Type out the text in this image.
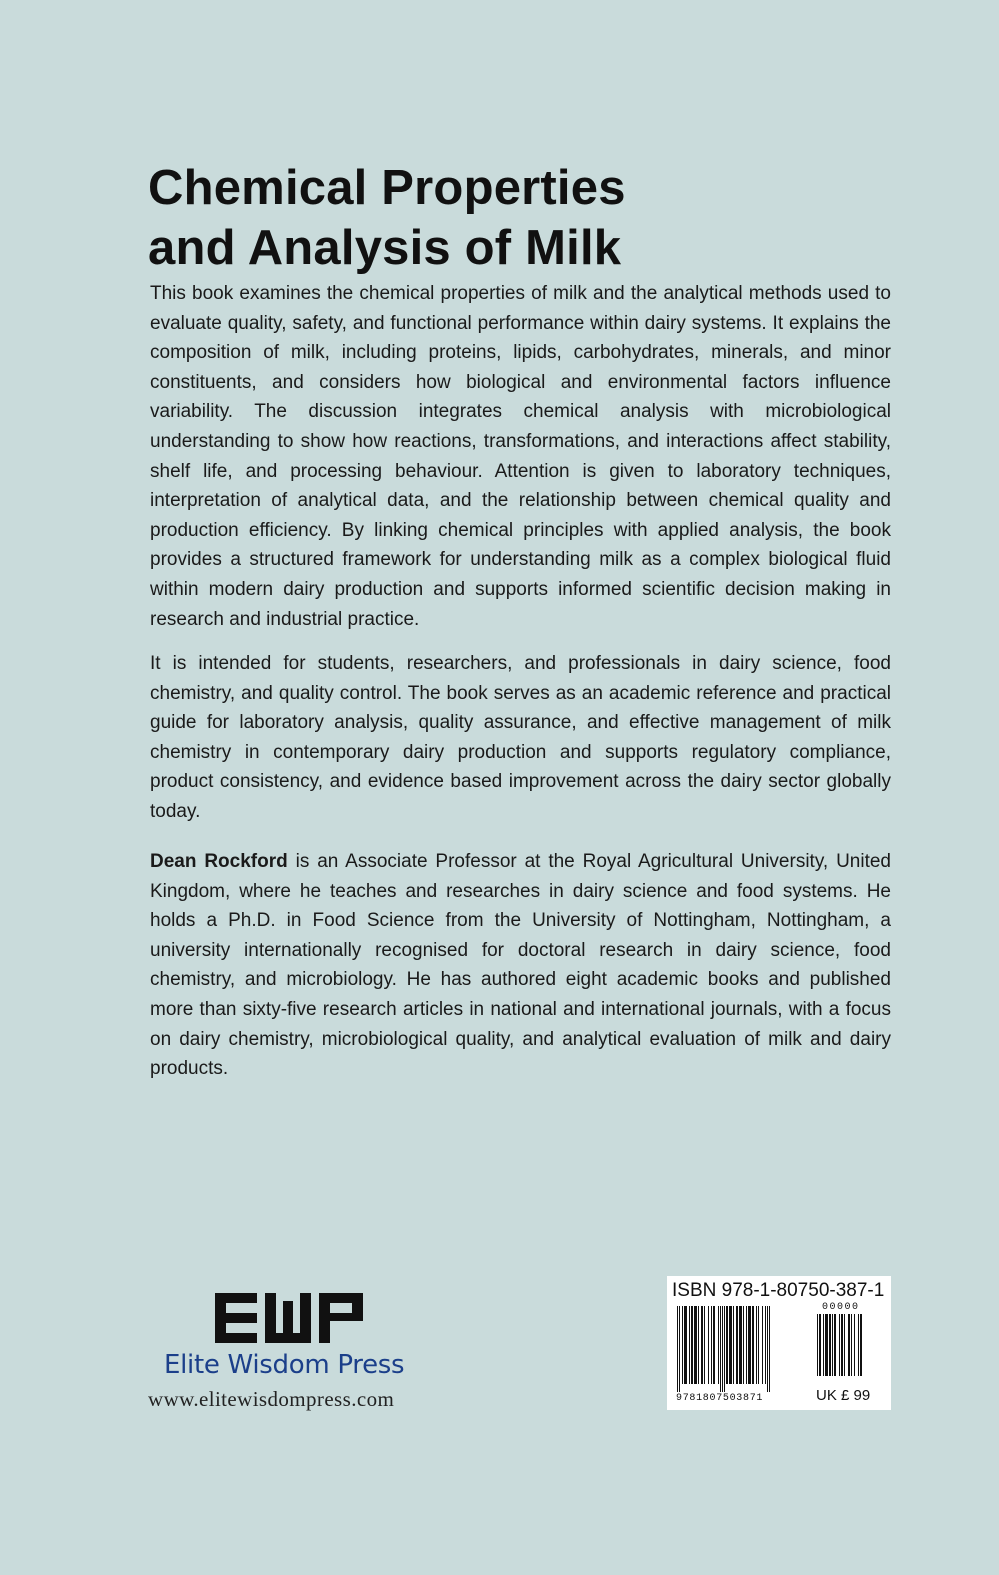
Chemical Properties
and Analysis of Milk

This book examines the chemical properties of milk and the analytical methods used to evaluate quality, safety, and functional performance within dairy systems. It explains the composition of milk, including proteins, lipids, carbohydrates, minerals, and minor constituents, and considers how biological and environmental factors influence variability. The discussion integrates chemical analysis with microbiological understanding to show how reactions, transformations, and interactions affect stability, shelf life, and processing behaviour. Attention is given to laboratory techniques, interpretation of analytical data, and the relationship between chemical quality and production efficiency. By linking chemical principles with applied analysis, the book provides a structured framework for understanding milk as a complex biological fluid within modern dairy production and supports informed scientific decision making in research and industrial practice.

It is intended for students, researchers, and professionals in dairy science, food chemistry, and quality control. The book serves as an academic reference and practical guide for laboratory analysis, quality assurance, and effective management of milk chemistry in contemporary dairy production and supports regulatory compliance, product consistency, and evidence based improvement across the dairy sector globally today.

Dean Rockford is an Associate Professor at the Royal Agricultural University, United Kingdom, where he teaches and researches in dairy science and food systems. He holds a Ph.D. in Food Science from the University of Nottingham, Nottingham, a university internationally recognised for doctoral research in dairy science, food chemistry, and microbiology. He has authored eight academic books and published more than sixty-five research articles in national and international journals, with a focus on dairy chemistry, microbiological quality, and analytical evaluation of milk and dairy products.

Elite Wisdom Press
www.elitewisdompress.com
ISBN 978-1-80750-387-1
00000
9781807503871	UK £ 99
